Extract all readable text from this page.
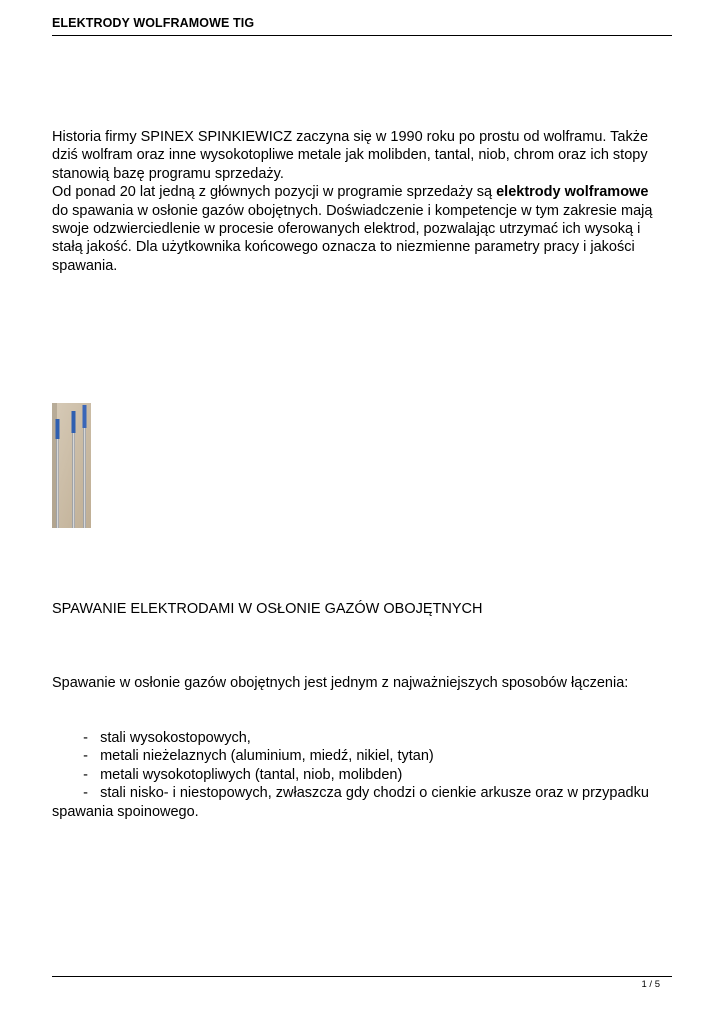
ELEKTRODY WOLFRAMOWE TIG
Historia firmy SPINEX SPINKIEWICZ zaczyna się w 1990 roku po prostu od wolframu. Także
dziś wolfram oraz inne wysokotopliwe metale jak molibden, tantal, niob, chrom oraz ich stopy
stanowią bazę programu sprzedaży.
Od ponad 20 lat jedną z głównych pozycji w programie sprzedaży są elektrody wolframowe
do spawania w osłonie gazów obojętnych. Doświadczenie i kompetencje w tym zakresie mają
swoje odzwierciedlenie w procesie oferowanych elektrod, pozwalając utrzymać ich wysoką i
stałą jakość. Dla użytkownika końcowego oznacza to niezmienne parametry pracy i jakości
spawania.
SPAWANIE ELEKTRODAMI W OSŁONIE GAZÓW OBOJĘTNYCH
Spawanie w osłonie gazów obojętnych jest jednym z najważniejszych sposobów łączenia:
- stali wysokostopowych,
- metali nieżelaznych (aluminium, miedź, nikiel, tytan)
- metali wysokotopliwych (tantal, niob, molibden)
- stali nisko- i niestopowych, zwłaszcza gdy chodzi o cienkie arkusze oraz w przypadku
spawania spoinowego.
1 / 5
